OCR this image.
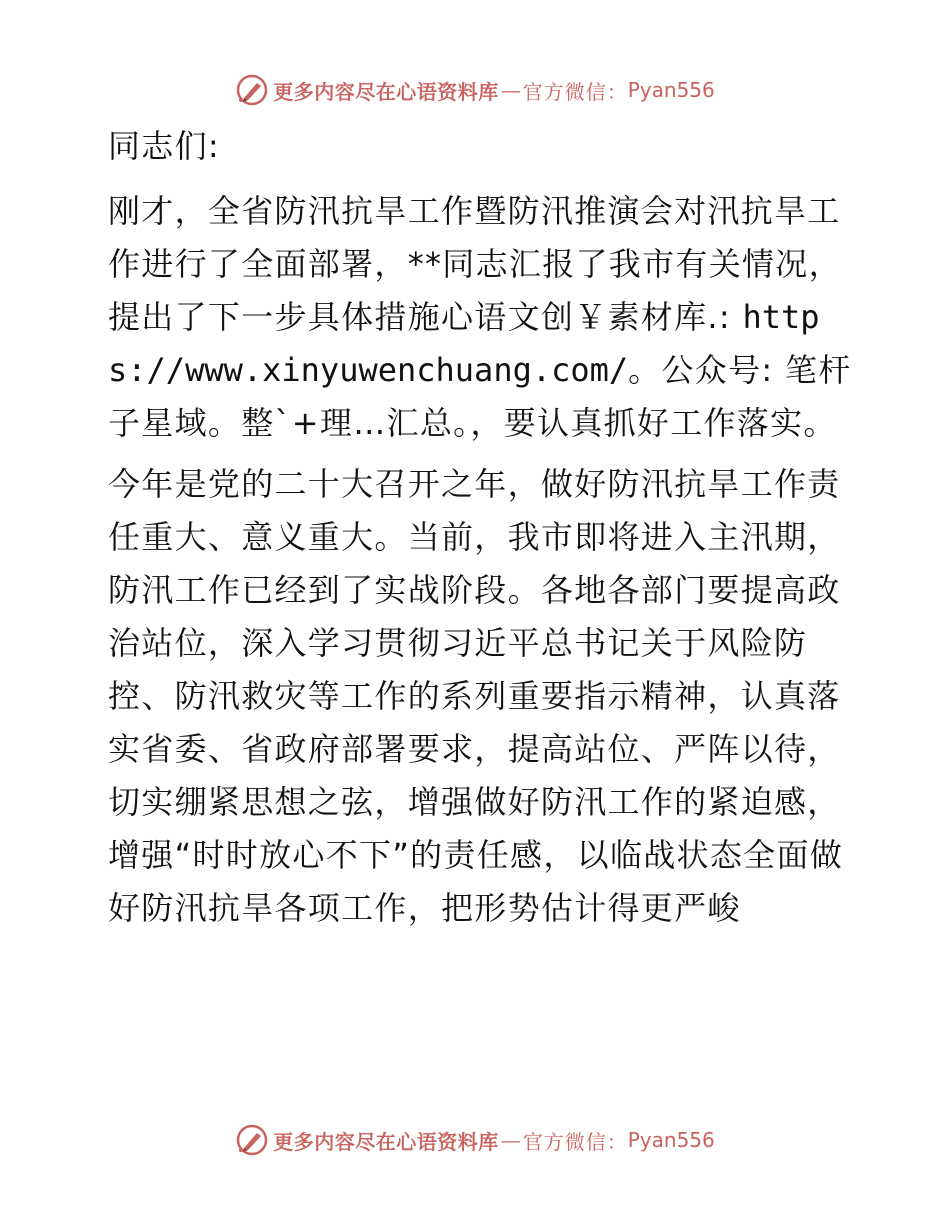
更多内容尽在心语资料库 — 官方微信： Pyan556

同志们:

刚才，全省防汛抗旱工作暨防汛推演会对汛抗旱工作进行了全面部署，**同志汇报了我市有关情况，提出了下一步具体措施心语文创￥素材库.: https://www.xinyuwenchuang.com/。公众号: 笔杆子星域。整`+理…汇总。，要认真抓好工作落实。

今年是党的二十大召开之年，做好防汛抗旱工作责任重大、意义重大。当前，我市即将进入主汛期，防汛工作已经到了实战阶段。各地各部门要提高政治站位，深入学习贯彻习近平总书记关于风险防控、防汛救灾等工作的系列重要指示精神，认真落实省委、省政府部署要求，提高站位、严阵以待，切实绷紧思想之弦，增强做好防汛工作的紧迫感，增强“时时放心不下”的责任感，以临战状态全面做好防汛抗旱各项工作，把形势估计得更严峻

更多内容尽在心语资料库 — 官方微信： Pyan556
